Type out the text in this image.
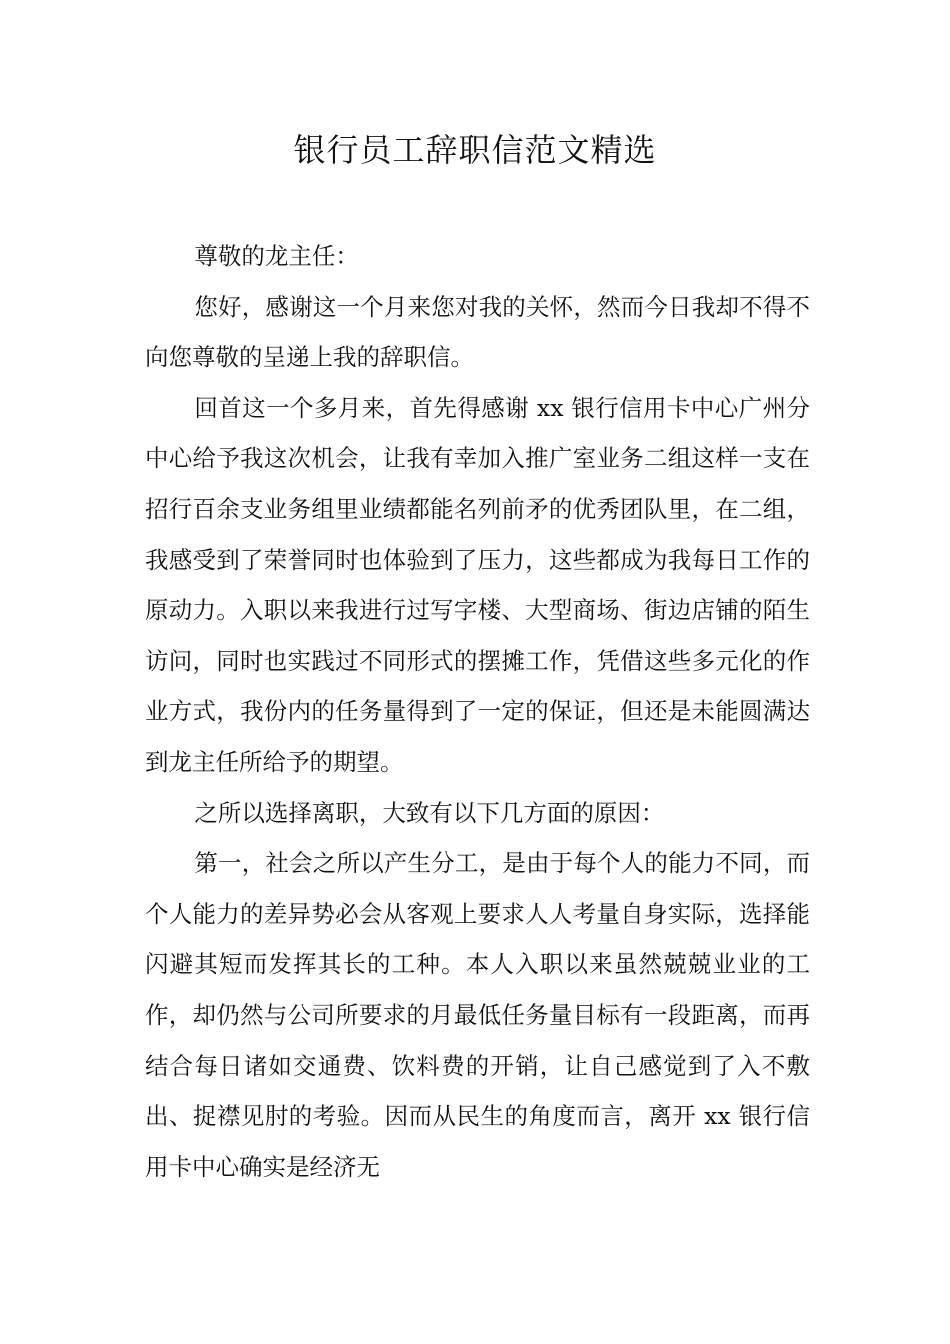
银行员工辞职信范文精选

尊敬的龙主任：

您好，感谢这一个月来您对我的关怀，然而今日我却不得不向您尊敬的呈递上我的辞职信。

回首这一个多月来，首先得感谢 xx 银行信用卡中心广州分中心给予我这次机会，让我有幸加入推广室业务二组这样一支在招行百余支业务组里业绩都能名列前矛的优秀团队里，在二组，我感受到了荣誉同时也体验到了压力，这些都成为我每日工作的原动力。入职以来我进行过写字楼、大型商场、街边店铺的陌生访问，同时也实践过不同形式的摆摊工作，凭借这些多元化的作业方式，我份内的任务量得到了一定的保证，但还是未能圆满达到龙主任所给予的期望。

之所以选择离职，大致有以下几方面的原因：

第一，社会之所以产生分工，是由于每个人的能力不同，而个人能力的差异势必会从客观上要求人人考量自身实际，选择能闪避其短而发挥其长的工种。本人入职以来虽然兢兢业业的工作，却仍然与公司所要求的月最低任务量目标有一段距离，而再结合每日诸如交通费、饮料费的开销，让自己感觉到了入不敷出、捉襟见肘的考验。因而从民生的角度而言，离开 xx 银行信用卡中心确实是经济无
